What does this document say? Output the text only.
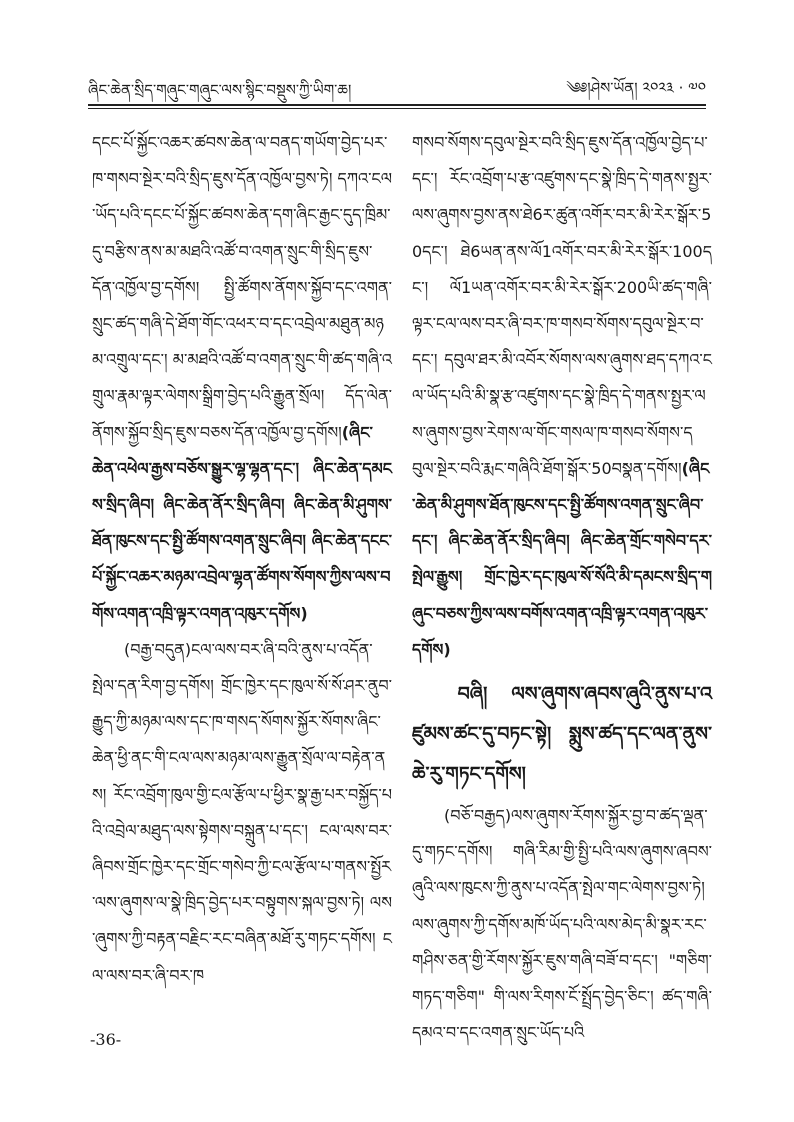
ཞིང་ཆེན་སྲིད་གཞུང་གཞུང་ལས་སྙིང་བསྡུས་ཀྱི་ཡིག་ཆ།	༄༅།ཤེས་ཡོན། ༢༠༢༣ · ༧༠

དངང་པོ་སྐྱོང་འཆར་ཚབས་ཆེན་ལ་བནད་གཡོག་བྱེད་པར་ཁ་གསབ་སྔེར་བའི་སྲིད་ཇུས་དོན་འཁྱོལ་བྱས་ཏེ། དཀའ་ངལ་ཡོད་པའི་དངང་པོ་སྐྱོང་ཚབས་ཆེན་དག་ཞིང་རྒྱང་དུད་ཁྲིམ་དུ་བརྩིས་ནས་མ་མཐའི་འཚོ་བ་འགན་སྲུང་གི་སྲིད་ཇུས་དོན་འཁྱོལ་བྱ་དགོས། སྤྱི་ཚོགས་ནོགས་སྐྱོབ་དང་འགན་སྲུང་ཚད་གཞི་དེ་ཐོག་གོང་འཕར་བ་དང་འབྲེལ་མཐུན་མཉམ་འགྲུལ་དང་། མ་མཐའི་འཚོ་བ་འགན་སྲུང་གི་ཚད་གཞི་འགྲུལ་རྣམ་ལྟར་ལེགས་སྒྲིག་བྱེད་པའི་རྒྱུན་སྲོལ། དོད་ལེན་ནོགས་སྐྱོབ་སྲིད་ཇུས་བཅས་དོན་འཁྱོལ་བྱ་དགོས།(ཞིང་ཆེན་འཕེལ་རྒྱས་བཅོས་སྒྱུར་ལྷ་ལྷན་དང་། ཞིང་ཆེན་དམངས་སྲིད་ཞིབ། ཞིང་ཆེན་ནོར་སྲིད་ཞིབ། ཞིང་ཆེན་མི་ཤུགས་ཐོན་ཁུངས་དང་སྤྱི་ཚོགས་འགན་སྲུང་ཞིབ། ཞིང་ཆེན་དངང་པོ་སྐྱོང་འཆར་མཉམ་འབྲེལ་ལྷན་ཚོགས་སོགས་ཀྱིས་ལས་བགོས་འགན་འཁྲི་ལྟར་འགན་འཁུར་དགོས)

(བརྒྱ་བདུན)ངལ་ལས་བར་ཞི་བའི་ནུས་པ་འདོན་སྤེལ་དན་རིག་བྱ་དགོས། གྲོང་ཁྱེར་དང་ཁུལ་སོ་སོ་ཤར་ནུབ་རྒྱུད་ཀྱི་མཉམ་ལས་དང་ཁ་གསད་སོགས་སྐྱོར་སོགས་ཞིང་ཆེན་ཕྱི་ནང་གི་ངལ་ལས་མཉམ་ལས་རྒྱུན་སྲོལ་ལ་བརྟེན་ནས། རོང་འབྲོག་ཁུལ་གྱི་ངལ་རྩོལ་པ་ཕྱིར་སྣ་རྒྱ་པར་བསྐྱོད་པའི་འབྲེལ་མཐུད་ལས་སྟེགས་བསྐྲུན་པ་དང་། ངལ་ལས་བར་ཞིབས་གྲོང་ཁྱེར་དང་གྲོང་གསེབ་ཀྱི་ངལ་རྩོལ་པ་གནས་སྤྱོར་ལས་ཞུགས་ལ་སྣེ་ཁྲིད་བྱེད་པར་བསྟུགས་སྐལ་བྱས་ཏེ། ལས་ཞུགས་ཀྱི་བརྟན་བརྗིང་རང་བཞིན་མཐོ་རུ་གཏང་དགོས། ངལ་ལས་བར་ཞི་བར་ཁ

གསབ་སོགས་དབུལ་སྔེར་བའི་སྲིད་ཇུས་དོན་འཁྱོལ་བྱེད་པ་དང་། རོང་འབྲོག་པ་རྩ་འཛུགས་དང་སྣེ་ཁྲིད་དེ་གནས་སྤྱར་ལས་ཞུགས་བྱས་ནས་ཐེ6ར་ཚུན་འགོར་བར་མི་རེར་སྒོར་50དང་། ཐེ6ཡན་ནས་ལོ1འགོར་བར་མི་རེར་སྒོར་100དང་། ལོ1ཡན་འགོར་བར་མི་རེར་སྒོར་200ཡི་ཚད་གཞི་ལྟར་ངལ་ལས་བར་ཞི་བར་ཁ་གསབ་སོགས་དབུལ་སྔེར་བ་དང་། དབུལ་ཐར་མི་འབོར་སོགས་ལས་ཞུགས་ཐད་དཀའ་ངལ་ཡོད་པའི་མི་སྣ་རྩ་འཛུགས་དང་སྣེ་ཁྲིད་དེ་གནས་སྤྱར་ལས་ཞུགས་བྱས་རེགས་ལ་གོང་གསལ་ཁ་གསབ་སོགས་དབུལ་སྔེར་བའི་རྨང་གཞིའི་ཐོག་སྒོར་50བསྣན་དགོས།(ཞིང་ཆེན་མི་ཤུགས་ཐོན་ཁུངས་དང་སྤྱི་ཚོགས་འགན་སྲུང་ཞིབ་དང་། ཞིང་ཆེན་ནོར་སྲིད་ཞིབ། ཞིང་ཆེན་གྲོང་གསེབ་དར་སྤེལ་རྒྱུས། གྲོང་ཁྱེར་དང་ཁུལ་སོ་སོའི་མི་དམངས་སྲིད་གཞུང་བཅས་ཀྱིས་ལས་བགོས་འགན་འཁྲི་ལྟར་འགན་འཁུར་དགོས)

བཞི། ལས་ཞུགས་ཞབས་ཞུའི་ནུས་པ་འཛུམས་ཚང་དུ་བཏང་སྟེ། སྨུས་ཚད་དང་ལན་ནུས་ཆེ་རུ་གཏང་དགོས།

(བཅོ་བརྒྱད)ལས་ཞུགས་རོགས་སྐྱོར་བྱ་བ་ཚད་ལྡན་དུ་གཏང་དགོས། གཞི་རིམ་གྱི་སྤྱི་པའི་ལས་ཞུགས་ཞབས་ཞུའི་ལས་ཁུངས་ཀྱི་ནུས་པ་འདོན་སྤེལ་གང་ལེགས་བྱས་ཏེ། ལས་ཞུགས་ཀྱི་དགོས་མཁོ་ཡོད་པའི་ལས་མེད་མི་སྣར་རང་གཤིས་ཅན་གྱི་རོགས་སྐྱོར་ཇུས་གཞི་བཟོ་བ་དང་། "གཅིག་གཏད་གཅིག" གི་ལས་རིགས་ངོ་སྤྲོད་བྱེད་ཅིང་། ཚད་གཞི་དམའ་བ་དང་འགན་སྲུང་ཡོད་པའི

-36-
